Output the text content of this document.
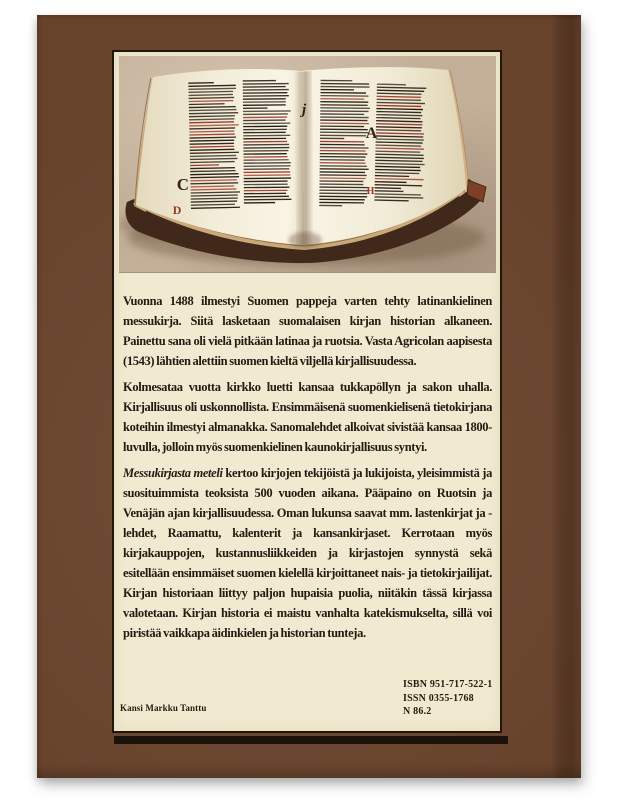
C
D
j
A
H

Vuonna 1488 ilmestyi Suomen pappeja varten tehty latinankielinen messukirja. Siitä lasketaan suomalaisen kirjan historian alkaneen. Painettu sana oli vielä pitkään latinaa ja ruotsia. Vasta Agricolan aapisesta (1543) lähtien alettiin suomen kieltä viljellä kirjallisuudessa.

Kolmesataa vuotta kirkko luetti kansaa tukkapöllyn ja sakon uhalla. Kirjallisuus oli uskonnollista. Ensimmäisenä suomenkielisenä tietokirjana koteihin ilmestyi almanakka. Sanomalehdet alkoivat sivistää kansaa 1800-luvulla, jolloin myös suomenkielinen kaunokirjallisuus syntyi.

Messukirjasta meteli kertoo kirjojen tekijöistä ja lukijoista, yleisimmistä ja suosituimmista teoksista 500 vuoden aikana. Pääpaino on Ruotsin ja Venäjän ajan kirjallisuudessa. Oman lukunsa saavat mm. lastenkirjat ja -lehdet, Raamattu, kalenterit ja kansankirjaset. Kerrotaan myös kirjakauppojen, kustannusliikkeiden ja kirjastojen synnystä sekä esitellään ensimmäiset suomen kielellä kirjoittaneet nais- ja tietokirjailijat. Kirjan historiaan liittyy paljon hupaisia puolia, niitäkin tässä kirjassa valotetaan. Kirjan historia ei maistu vanhalta katekismukselta, sillä voi piristää vaikkapa äidinkielen ja historian tunteja.

Kansi Markku Tanttu
ISBN 951-717-522-1
ISSN 0355-1768
N 86.2
